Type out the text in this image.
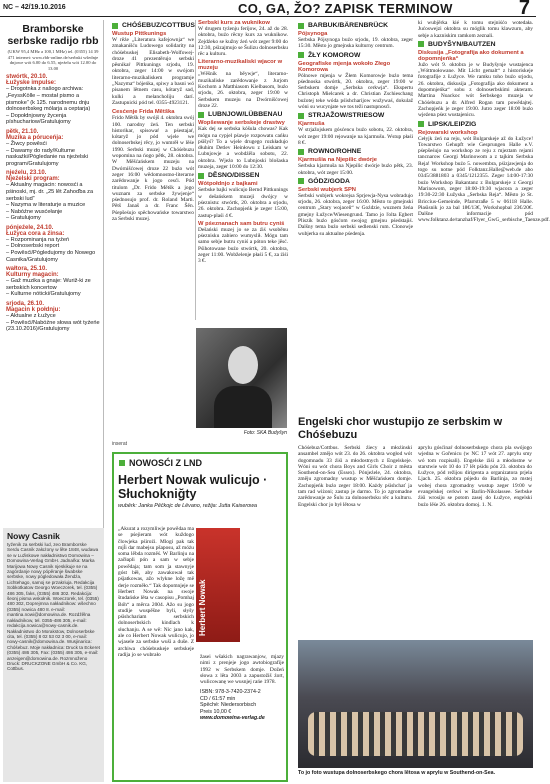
NC – 42/19.10.2016	CO, GA, ŽO? ZAPISK TERMINOW	7
Bramborske serbske radijo rbb
(UKW 95,4 MHz a 100,1 MHz) tel. (0355) 14 39 471 internet: www.rbb-online.de/serbski wšednje dnjowe wót 6.00 do 6.55, njeźelu wót 12.00 do 13.00
stwórtk, 20.10.
Łužyske impulse:
– Drogotnka z našogo archiwa: „FeyssKölle – mostał pismo a pismoke“ (k 125. narodnemu dnju dolnoserbskeg mólarja a ceptarja)
– Dopołdnjowny žycenja píshuchariow/Gratulujomy
pětk, 21.10.
Muzika a póruceńja:
– Žiwcy powěsći
– Dawamy do rady/Kulturne naskaźki/Pógledanie na njeźelski program/Gratulujomy
njeźelu, 23.10.
Njeźelski program:
– Aktualny magacin: nowosći a pśinoski, mj. dr. „25 lět Zahoďba za serbski lud“
– Nazyma w literaturje a muzice
– Nabóźne wusćełanje
– Gratulujomy
pónjeźele, 24.10.
Łužyca cora a źinsa:
– Rozpominanja na tyźeń
– Dolnoserbski report
– Powěsći/Pógledujomy do Nowego Casnika/Gratulujomy
wałtora, 25.10.
Kulturny magacin:
– Gaž muzika a gnaje: Wuriž-ki ze serbskich koncertow
– Kulturne nóticki/Gratulujomy
srjoda, 26.10.
Magacin k połdnju:
– Aktualne z Łužyce
– Powěsći/Nabóźne słowa wót tyźeńe (23.10.2016)/Gratulujomy
Nowy Casnik

tyźenik za serbski lud, zeo Bramborske Serdu Casnik założony w lěte 1848, wudawa se w Luźiskowe nakładnistwo Domowina – Domowina-Verlag GmbH. Jadnaŕka: Marka Marijowa Nowy Casnik njeskikuje se na zagórdanje nowy pópěranje šwabske serbske, nowy pógledowała Žendża, Lichtehago, samoj se przakriuja. Redakcija Sobkotkatow Georgo Woeczorek, tel. (0355) 486 305, faks, (0355) 486 302. Redakcija: šeonj pisma wskołnik. Woeczorek, tel. (0355) 480 302, Doprejmna nakładnikow: wšechno (0355) nowica 480 8. e-mail: mantina.nowi@domowina.de. Rozdźělna nakładnikow, tel. 0355-486 305, e-mail: redakcija.nowica@nowy-casnik.de. Nakładnistwo do Morakstow, Dolnoserbske cita, tel. (0355) 8 02 53 02 3 00, e-mail: nowy-casnik@domowina.de. Wusjinarica: Chóśebuz. Moje nakładnica: Druck ta Eckeret (0355) 486 305, Fax: (0355) 486 305, e-mail: anzeigen@domowina.de. Rozmnoženo Druck: DRUCKZONE GmbH & Co. KG, Cottbus.

CHÓŚEBUZ/COTTBUS
Wustup Pittkunings
W rěźe „Literatura kafejownja“ we zmakanišću Ludowego solidarity na chóśebuskej Elisabeth-Wolfowej-droze 41 prezentěrujo serbski pěsnikaŕ Pittkunings srjodu, 19. oktobra, zeger 14:00 w swójom literarno-muzikaliskem programje „Nazyma“ bójeńka, spiwy a basni wó pisanem lětnem casu, kótaryž sad, kulki a melancholiju darí. Zastupnicki pód tel. 0355-4923121.
Cesćenje Frida Mětška
Frido Mětšk by swójš 4. oktobra swój 100. narodny źeń. Ten serbski historikar, spisowaŕ a pśestajaŕ, kótaryž jo pód wjele we dolnoserbskej rěcy, jo wumrěł w lěśe 1990. Serbski muzej w Chóśebuzu wopomina na ńogo pětk, 28. oktobra. W Měšćańskem muzeju na Dwórnišćowej droze 22 buźo wót zeger 16:00 wědomnostno-literarne zarědowanje k jogo cesći. Pód titulom „Dr. Frido Mětšk a jogo wuznam za serbske žywjenje“ pśednosujo prof. dr. Roland Marti. Pětš Janaš a dr. Franc Šěn. Pśepšeśujo spěchowańske towarstwo za Serbski muzej.
Foto: SKA Budyšyn
inserat
Serbski kurs za wuknikow
W drugem tyźenju ferijow, 24. až do 28. oktobra, buźo rěcny kurs za wuknikow. Zejdźeko se kužny źeń wót zeger 9:00 do 12:30, pśizajmujo se Šulizu dolnoserbsku rěc a kulturu.
Literarno-muzikaliski wjacor w muzeju
„Wěšnik na běywje“, literarno-muzikaliske zarědowanje z Jurjom Kochom a Matthiasom Kielbasom, buźo srjodu, 26. oktobra, zeger 19:00 w Serbskem muzeju na Dwórnišćowej droze 22.
LUBNJOW/LÜBBENAU
Wopšewanje serbskeje drastwy
Kak dej se serbska kóšula chowas? Kak mógu na cypjel pśawje rozpowatu cańku pśišyś? To a wjele drugego rozkładujo dłuhim Detlev Heinłowu z Leiskam w Lubnjowje a wobdźěla sobotu, 22. oktobra. Wjeźo to Lubnjoski blošaska muzeja, zeger 10:00 do 12:30.
DĚSNO/DISSEN
Wótpołdnjo z bajkami
Serbske bajki wulicujo Bernd Pittkunings w dešańskem muzeji dwójcy w pśeznistu: stwórtk, 20. oktobra a srjodu, 26. oktobra. Zachopjeńk je zeger 15:00, zastup-plaśi 4 €.
W pśeznanach sam butru cyniś
Dešański muzej jo se za źiś wsoběnu pśeznisku zabiero wumyslił. Mógu tam samo sebje butru cyniś a póton teke jěsć. Pśihotowane buźo stwórtk, 20. oktobra, zeger 11:00. Wobželenje płaśi 5 €, za źiśi 3 €.
BARBUK/BÄRENBRÜCK
Pójsynoga
Serbska Pójsynoga buźo srjodu, 19. oktobra, zeger 15:30. Město jo gmejnska kulturny centrum.
ŽŁY KOMOROW
Geografiske mjenja wokoło Złego Komorowa
Pólnowe mjenja w Žłem Komorowje buźo tema pśednoska stwórtk, 20. oktobra, zeger 19:00 w Serbskem domje „Serbska cerkwja“. Ekspertu Christoph Mielcarek a dr. Christian Zschieschang buźotej teke wóda pśishcharijow wužywaś, dokulaž wóni su wucynjate we tos teži nastupnosći.
STRJAŽOW/STRIESOW
Kjarmuša
W strjažojskem gósćencu buźo sobotu, 22. oktobra, wót zeger 19:00 rejowanje na kjarmušu. Wstup płaśi 8 €.
ROWNO/ROHNE
Kjarmušia na Njepilic dwórje
Serbska kjarmuša na Njepilic dwórje buźo pětk, 23. oktobra, wót zeger 15:00.
GÓDZ/GODA
Serbski wubjerk SPN
Serbski wubjerk wokrejsa Sprjewja-Nysa wobradujo srjodu, 26. oktobra, zeger 16:00. Město to gmejnski centrum „Stary wojaceň“ w Goździe, wuznem žeńa gmejny Łužyce/Wiesengrund. Tamo jo ľolta Egbert Pliszik buźo gósćom swojog gmejnu pśedstajiś. Dalšny tema buźo serbski sedlenski rum. Clonowje wubjerka su aktualne pśedenja.
ki wubjěrka kié k tomu stejniśćo wotedała. Jućoswejzi oktobra su móglik tomu klawzurn, aby sebje a kazniskim ramkom zeznali.
BUDYŠYN/BAUTZEN
Diskusija „Fotografija ako dokument a dopomnjeńka“
Južo wót 9. oktobra je w Budyšynje wustajenca „Wóttmołowane. Mit Licht gemalt“ z historiskeje fotografije z Łužyce. We ramku toho buźo srjodu, 26. oktobra, diskusija „Fotografija ako dokument a dopomnjeńka“ sobu z dolnoserbskimi akteram. Martina Noackoc wót Serbskego muzeja w Chóśebuzu a dr. Alfred Rogan tam powědajtej. Zachopjeńk je zeger 19:00. Jutro zeger 18:00 buźo wjeźena pśez wustajenicu.
LIPSK/LEIPZIG
Rejowarski workshop
Cełyjk źeń na reju, wót Bulgarskeje až do Łužyce! Towarstwo Gehupft wie Gesprungen Halle e.V. pśepšeśujo na workshop ze reju z mjeztam rejami tancnarow Georgi Marinowom a z tajkim Serbska Reja! Workshop buźo 5. nowembra, pśizjawjenja do togo su notne pód Folktanz.Halle@web.de abo 0345/3881803 a 0345/1212355. Zeger 14:00-17:30 buźo Workshop Bakantanz z Bulgarskeje z Georgi Marinowom, zeger 18:00-19:30 wjacora a zeger 19:30-22:30 Łužyska „Serbska Reja“. Město jo St. Briccius-Gemeinde, Pfarrstraße 5 w 06118 Halle. Płaśisnik jo za bal 18€/13€, Workshopbal 23€/20€. Dalšne informacije pód www.folktanz.de/tanzhaf/Flyer_GwG_serbische_Taenze.pdf.
NOWOSĆI Z LND
Herbert Nowak wulicujo · Słuchokniğty
wuběrk: Janka Pěčkojc de Lěvano, režija: Jutta Kaiserowa
„Akurat a rozymliwje powědaa ma se pśejieram wót kuždogo člowjeka pśiroźi. Mlogi pak tak mjĺi dar mabejsu pšaposu, až móżu soma lěbda rozměś. W Barlinju na začłapli pón a sam w sebje powědaja; tam som ja stawnyje góst běł, aby zawakował tak pśjatkowas, ažo wlykne ložę mě derje rozměło.“ Tak dopomnjeje se Herbert Nowak na swoje študańske lěta w casopisu „Pomhaj Bóh“ a měrca 2004. Ažo su jogo studije wuspěšne byli, słyšy pśishchariam serbskich dolnoserbskich kindlach k słuchanju. A se wě: Nic jano kak, ale co Herbert Nowak wulicujo, jo wjasele za serbske wuši a duše. Z archiwa chóśebuskeje serbskeje radija jo se wubrało	žasei wšakich nagrawanjow, mjazy nimi z prenjeje jogo awtobiografije 1992 w Serbskem domje. Dožeń słowa z lěta 2003 a zapustožiš źort, wulicowanę we wusnjej rańe 1978.
ISBN: 978-3-7420-2374-2
CD / 61:57 min
Spěché: Niedersorbisch
Preis 10,00 €
www.domowina-verlag.de
Herbert Nowak
Engelski chor wustupijo ze serbskim w Chóśebuzu
Chóśebuz/Cottbus. Serbski źiecy a młożinski ansambel změjo wót 23. do 26. oktobra wogłod wót dogomnadu 33 źiśi a młodostnych z Engelskeje. Wóni su wót chora Boys and Girls Choir z města Southend-on-Sea (Essex). Pónjeźele, 24. oktobra, změju zgromadny wustup w Měšćańskem domje. Zachopjeńk buźo zeger 18:00. Każdy pśishchať ja tam rad wiżoni; zastup je darmo. To jo zgromadne zarědowanje ze Šulu za dolnoserbsku rěc a kulturu. Engelski chor jo był lětosa w
aprylu gósćinaŕ dolnoserbskego chora pla swójogo wjedna w Gořenicu (w NC 17 wót 27. aprylu smy wó tom rozpisali). Engelske źiśi a młodostne w starstwie wót 10 do 17 lět pśidu pón 23. oktobra do Łužyce, pód režijou dirigenta a organizatora prjela Ljach. 25. oktobra pójedu do Barlinja, zo mstej wobej chora zgromadny wustup zeger 19:00 w evangelskej cerkwi w Barlin-Nikolassee. Serbske źiśi wrosiju se potom zasej do Łužyce, engelski buźo lěśe 26. oktobra domoj. 1. N.
To jo foto wustupa dolnoserbskego chora lětosa w aprylu w Southend-on-Sea.
